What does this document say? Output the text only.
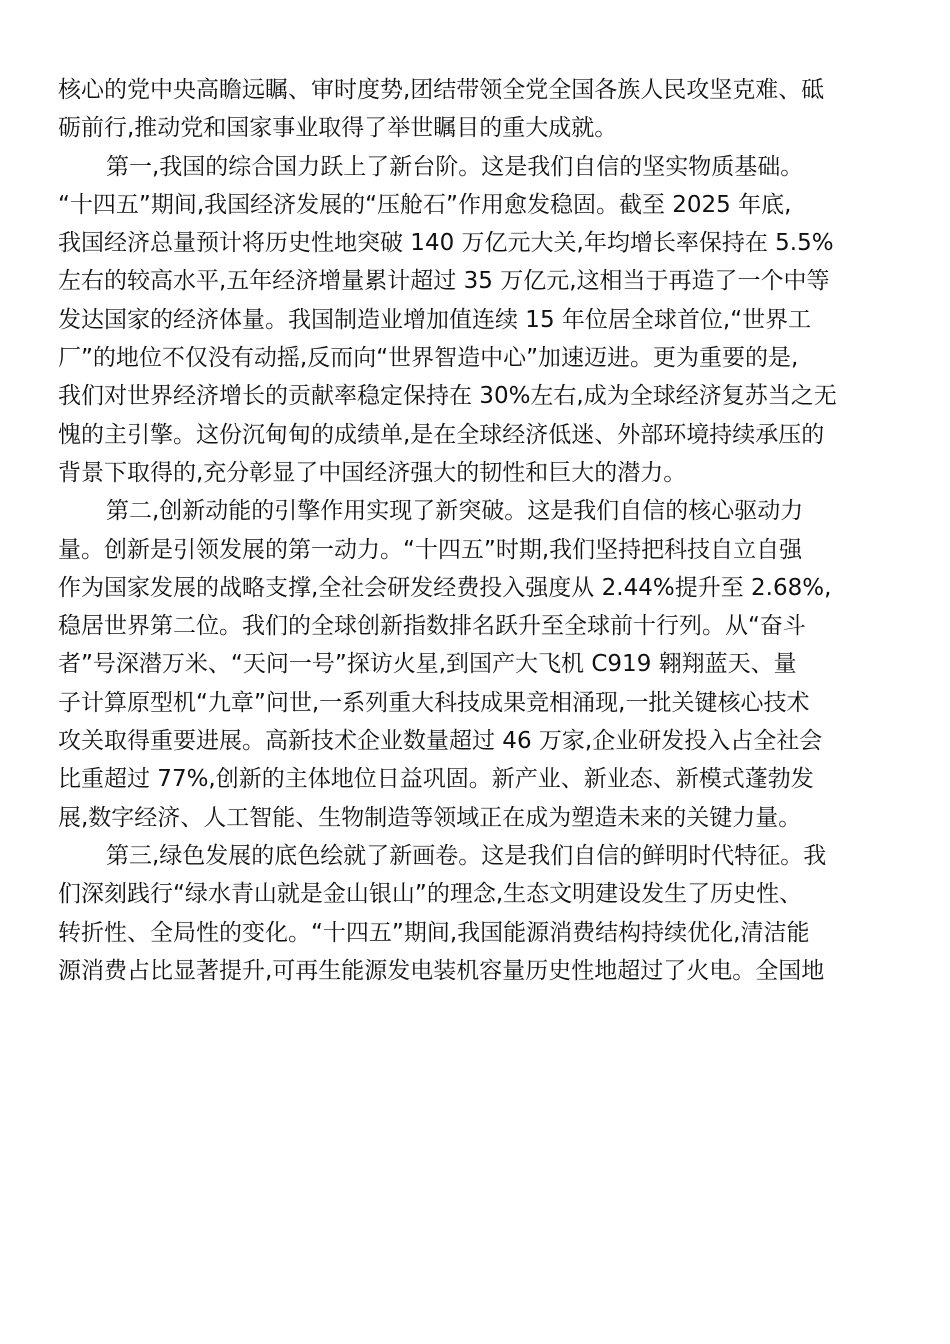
核心的党中央高瞻远瞩、审时度势,团结带领全党全国各族人民攻坚克难、砥
砺前行,推动党和国家事业取得了举世瞩目的重大成就。
第一,我国的综合国力跃上了新台阶。这是我们自信的坚实物质基础。
“十四五”期间,我国经济发展的“压舱石”作用愈发稳固。截至 2025 年底,
我国经济总量预计将历史性地突破 140 万亿元大关,年均增长率保持在 5.5%
左右的较高水平,五年经济增量累计超过 35 万亿元,这相当于再造了一个中等
发达国家的经济体量。我国制造业增加值连续 15 年位居全球首位,“世界工
厂”的地位不仅没有动摇,反而向“世界智造中心”加速迈进。更为重要的是,
我们对世界经济增长的贡献率稳定保持在 30%左右,成为全球经济复苏当之无
愧的主引擎。这份沉甸甸的成绩单,是在全球经济低迷、外部环境持续承压的
背景下取得的,充分彰显了中国经济强大的韧性和巨大的潜力。
第二,创新动能的引擎作用实现了新突破。这是我们自信的核心驱动力
量。创新是引领发展的第一动力。“十四五”时期,我们坚持把科技自立自强
作为国家发展的战略支撑,全社会研发经费投入强度从 2.44%提升至 2.68%,
稳居世界第二位。我们的全球创新指数排名跃升至全球前十行列。从“奋斗
者”号深潜万米、“天问一号”探访火星,到国产大飞机 C919 翱翔蓝天、量
子计算原型机“九章”问世,一系列重大科技成果竞相涌现,一批关键核心技术
攻关取得重要进展。高新技术企业数量超过 46 万家,企业研发投入占全社会
比重超过 77%,创新的主体地位日益巩固。新产业、新业态、新模式蓬勃发
展,数字经济、人工智能、生物制造等领域正在成为塑造未来的关键力量。
第三,绿色发展的底色绘就了新画卷。这是我们自信的鲜明时代特征。我
们深刻践行“绿水青山就是金山银山”的理念,生态文明建设发生了历史性、
转折性、全局性的变化。“十四五”期间,我国能源消费结构持续优化,清洁能
源消费占比显著提升,可再生能源发电装机容量历史性地超过了火电。全国地
